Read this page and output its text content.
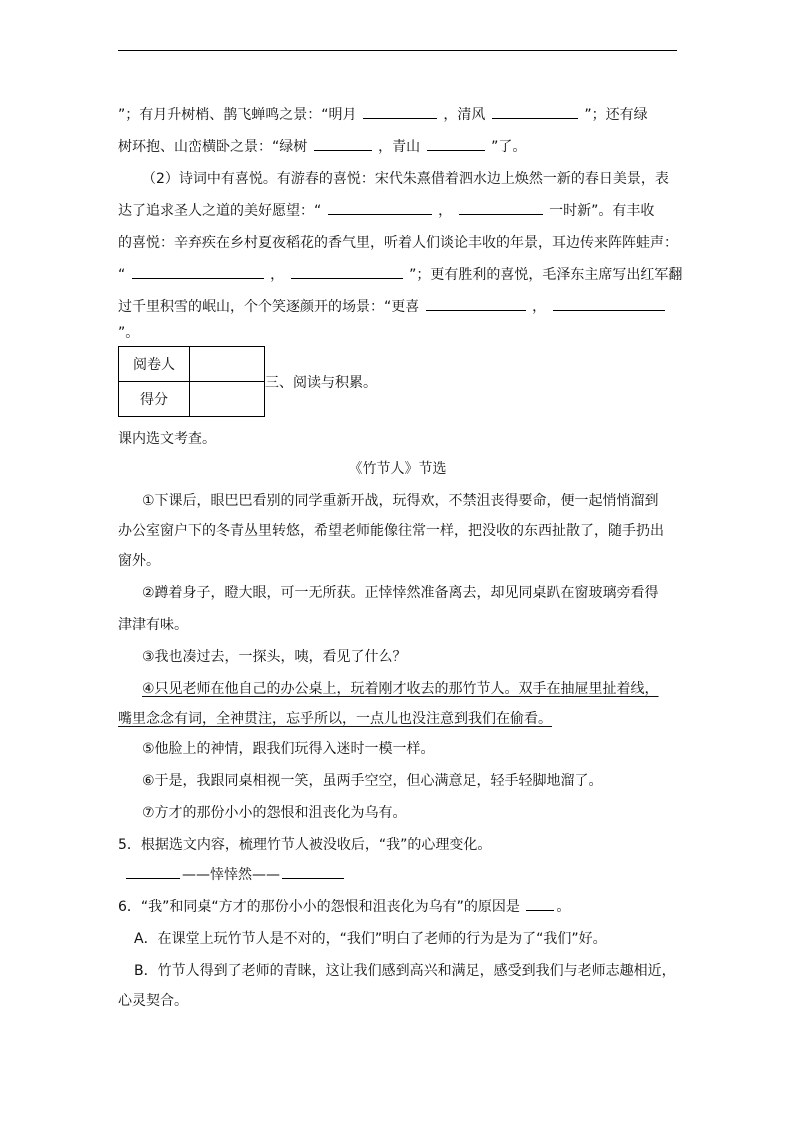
”；有月升树梢、鹊飞蝉鸣之景：“明月	，清风	”；还有绿
树环抱、山峦横卧之景：“绿树	，青山	”了。
（2）诗词中有喜悦。有游春的喜悦：宋代朱熹借着泗水边上焕然一新的春日美景，表
达了追求圣人之道的美好愿望：“	，	一时新”。有丰收
的喜悦：辛弃疾在乡村夏夜稻花的香气里，听着人们谈论丰收的年景，耳边传来阵阵蛙声：
“	，	”；更有胜利的喜悦，毛泽东主席写出红军翻
过千里积雪的岷山，个个笑逐颜开的场景：“更喜	，
”。
阅卷人	
得分	
三、阅读与积累。
课内选文考查。
《竹节人》节选
①下课后，眼巴巴看别的同学重新开战，玩得欢，不禁沮丧得要命，便一起悄悄溜到
办公室窗户下的冬青丛里转悠，希望老师能像往常一样，把没收的东西扯散了，随手扔出
窗外。
②蹲着身子，瞪大眼，可一无所获。正悻悻然准备离去，却见同桌趴在窗玻璃旁看得
津津有味。
③我也凑过去，一探头，咦，看见了什么？
④只见老师在他自己的办公桌上，玩着刚才收去的那竹节人。双手在抽屉里扯着线，
嘴里念念有词，全神贯注，忘乎所以，一点儿也没注意到我们在偷看。
⑤他脸上的神情，跟我们玩得入迷时一模一样。
⑥于是，我跟同桌相视一笑，虽两手空空，但心满意足，轻手轻脚地溜了。
⑦方才的那份小小的怨恨和沮丧化为乌有。
5．根据选文内容，梳理竹节人被没收后，“我”的心理变化。
——悻悻然——
6．“我”和同桌“方才的那份小小的怨恨和沮丧化为乌有”的原因是	。
A．在课堂上玩竹节人是不对的，“我们”明白了老师的行为是为了“我们”好。
B．竹节人得到了老师的青睐，这让我们感到高兴和满足，感受到我们与老师志趣相近，
心灵契合。
